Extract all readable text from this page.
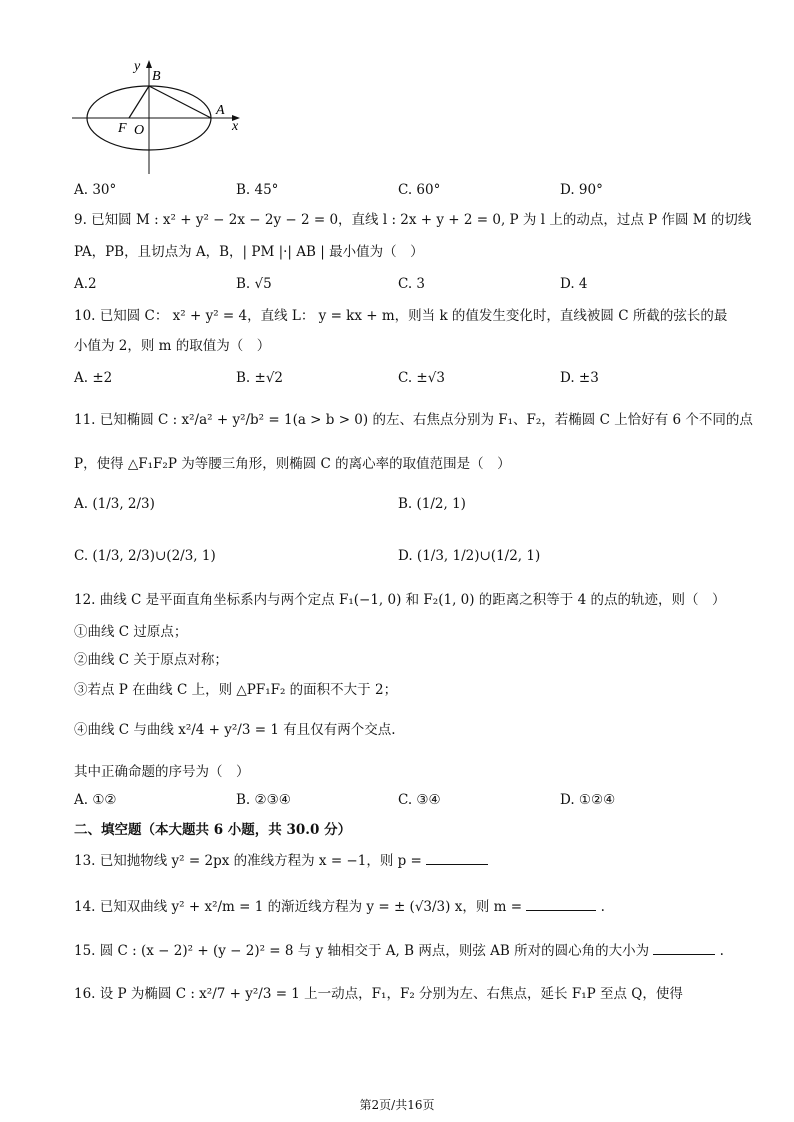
y
B
A
F O	x
A. 30°	B. 45°	C. 60°	D. 90°
9. 已知圆 M : x² + y² − 2x − 2y − 2 = 0，直线 l : 2x + y + 2 = 0, P 为 l 上的动点，过点 P 作圆 M 的切线
PA，PB，且切点为 A，B，| PM |·| AB | 最小值为（　）
A.2	B. √5	C. 3	D. 4
10. 已知圆 C： x² + y² = 4，直线 L： y = kx + m，则当 k 的值发生变化时，直线被圆 C 所截的弦长的最
小值为 2，则 m 的取值为（　）
A. ±2	B. ±√2	C. ±√3	D. ±3
11. 已知椭圆 C : x²/a² + y²/b² = 1(a > b > 0) 的左、右焦点分别为 F₁、F₂，若椭圆 C 上恰好有 6 个不同的点
P，使得 △F₁F₂P 为等腰三角形，则椭圆 C 的离心率的取值范围是（　）
A. (1/3, 2/3)	B. (1/2, 1)
C. (1/3, 2/3)∪(2/3, 1)	D. (1/3, 1/2)∪(1/2, 1)
12. 曲线 C 是平面直角坐标系内与两个定点 F₁(−1, 0) 和 F₂(1, 0) 的距离之积等于 4 的点的轨迹，则（　）
①曲线 C 过原点；
②曲线 C 关于原点对称；
③若点 P 在曲线 C 上，则 △PF₁F₂ 的面积不大于 2；
④曲线 C 与曲线 x²/4 + y²/3 = 1 有且仅有两个交点.
其中正确命题的序号为（　）
A. ①②	B. ②③④	C. ③④	D. ①②④
二、填空题（本大题共 6 小题，共 30.0 分）
13. 已知抛物线 y² = 2px 的准线方程为 x = −1，则 p =
14. 已知双曲线 y² + x²/m = 1 的渐近线方程为 y = ± (√3/3) x，则 m =	.
15. 圆 C : (x − 2)² + (y − 2)² = 8 与 y 轴相交于 A, B 两点，则弦 AB 所对的圆心角的大小为	.
16. 设 P 为椭圆 C : x²/7 + y²/3 = 1 上一动点，F₁，F₂ 分别为左、右焦点，延长 F₁P 至点 Q，使得
第2页/共16页
